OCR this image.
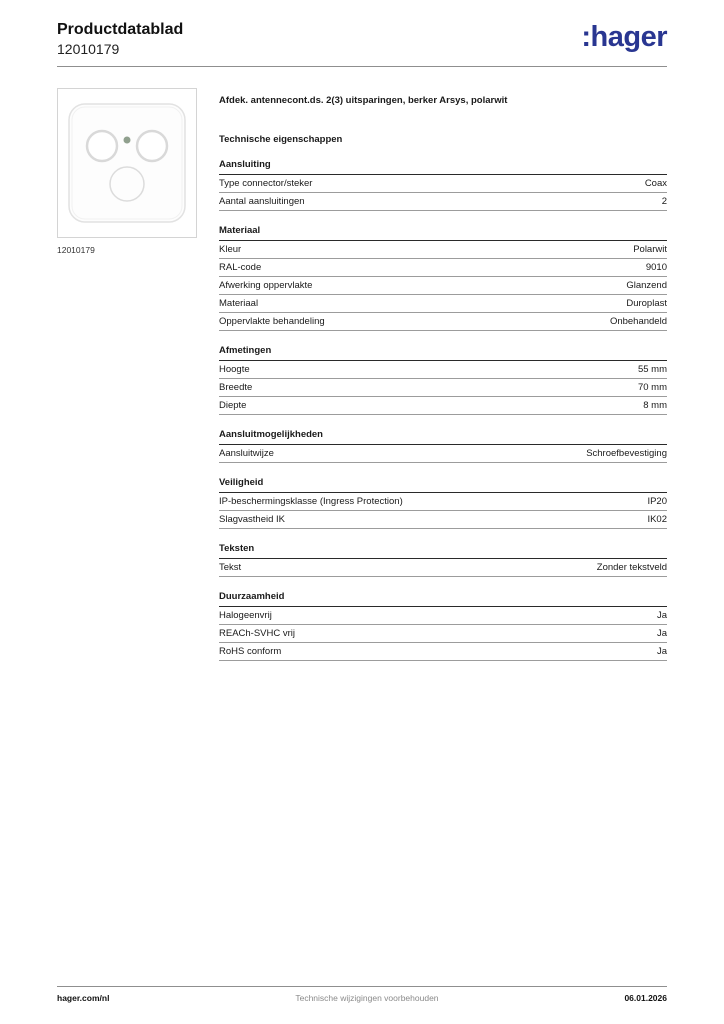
Productdatablad
12010179	:hager
12010179
Afdek. antennecont.ds. 2(3) uitsparingen, berker Arsys, polarwit
Technische eigenschappen
Aansluiting
Type connector/steker	Coax
Aantal aansluitingen	2
Materiaal
Kleur	Polarwit
RAL-code	9010
Afwerking oppervlakte	Glanzend
Materiaal	Duroplast
Oppervlakte behandeling	Onbehandeld
Afmetingen
Hoogte	55 mm
Breedte	70 mm
Diepte	8 mm
Aansluitmogelijkheden
Aansluitwijze	Schroefbevestiging
Veiligheid
IP-beschermingsklasse (Ingress Protection)	IP20
Slagvastheid IK	IK02
Teksten
Tekst	Zonder tekstveld
Duurzaamheid
Halogeenvrij	Ja
REACh-SVHC vrij	Ja
RoHS conform	Ja
hager.com/nl	Technische wijzigingen voorbehouden	06.01.2026
